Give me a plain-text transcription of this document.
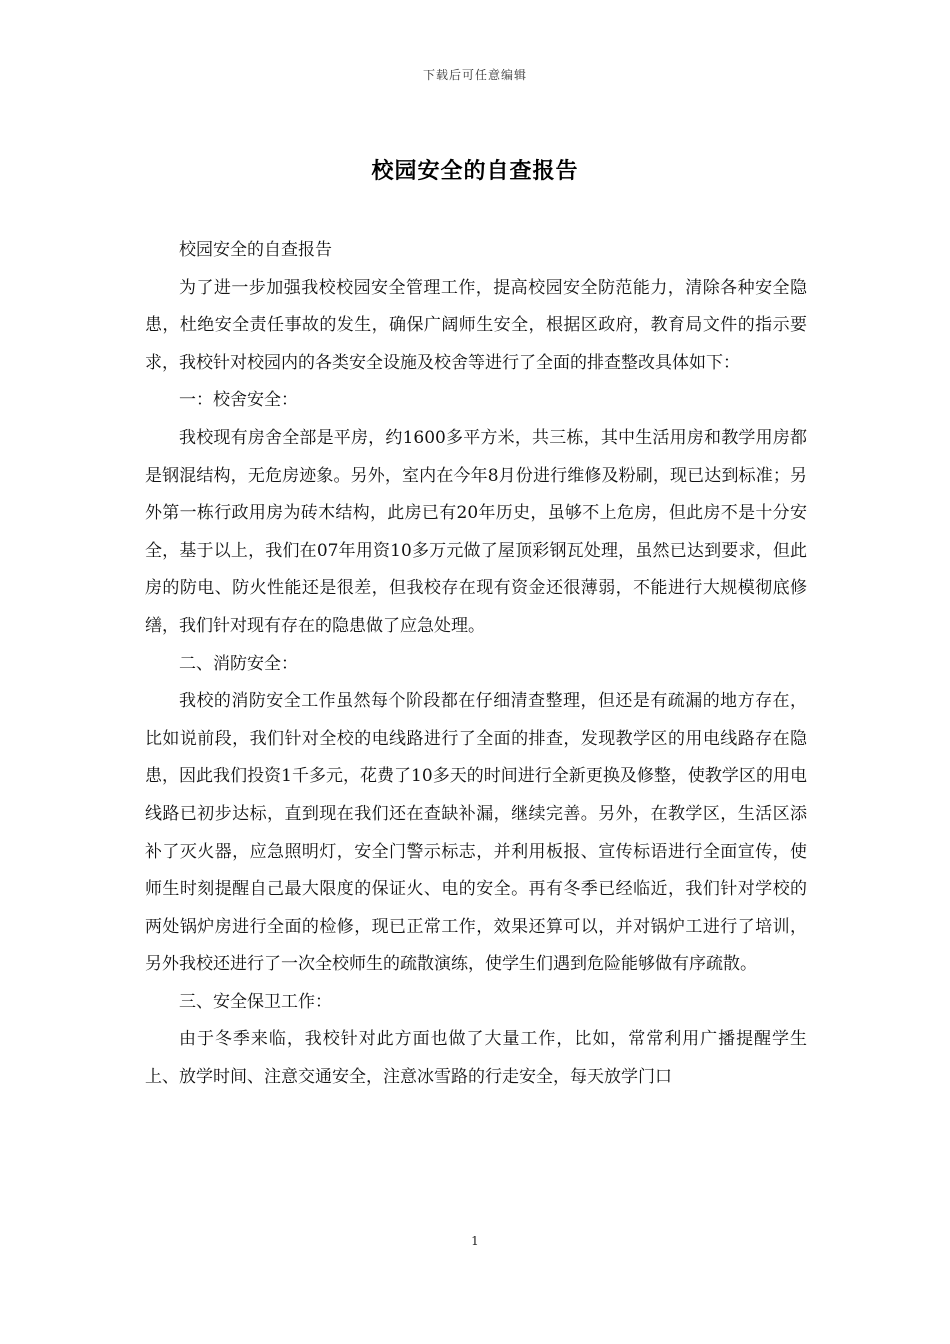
下载后可任意编辑
校园安全的自查报告

校园安全的自查报告

为了进一步加强我校校园安全管理工作，提高校园安全防范能力，清除各种安全隐患，杜绝安全责任事故的发生，确保广阔师生安全，根据区政府，教育局文件的指示要求，我校针对校园内的各类安全设施及校舍等进行了全面的排查整改具体如下：

一：校舍安全：

我校现有房舍全部是平房，约1600多平方米，共三栋，其中生活用房和教学用房都是钢混结构，无危房迹象。另外，室内在今年8月份进行维修及粉刷，现已达到标准；另外第一栋行政用房为砖木结构，此房已有20年历史，虽够不上危房，但此房不是十分安全，基于以上，我们在07年用资10多万元做了屋顶彩钢瓦处理，虽然已达到要求，但此房的防电、防火性能还是很差，但我校存在现有资金还很薄弱，不能进行大规模彻底修缮，我们针对现有存在的隐患做了应急处理。

二、消防安全：

我校的消防安全工作虽然每个阶段都在仔细清查整理，但还是有疏漏的地方存在，比如说前段，我们针对全校的电线路进行了全面的排查，发现教学区的用电线路存在隐患，因此我们投资1千多元，花费了10多天的时间进行全新更换及修整，使教学区的用电线路已初步达标，直到现在我们还在查缺补漏，继续完善。另外，在教学区，生活区添补了灭火器，应急照明灯，安全门警示标志，并利用板报、宣传标语进行全面宣传，使师生时刻提醒自己最大限度的保证火、电的安全。再有冬季已经临近，我们针对学校的两处锅炉房进行全面的检修，现已正常工作，效果还算可以，并对锅炉工进行了培训，另外我校还进行了一次全校师生的疏散演练，使学生们遇到危险能够做有序疏散。

三、安全保卫工作：

由于冬季来临，我校针对此方面也做了大量工作，比如，常常利用广播提醒学生上、放学时间、注意交通安全，注意冰雪路的行走安全，每天放学门口

1
